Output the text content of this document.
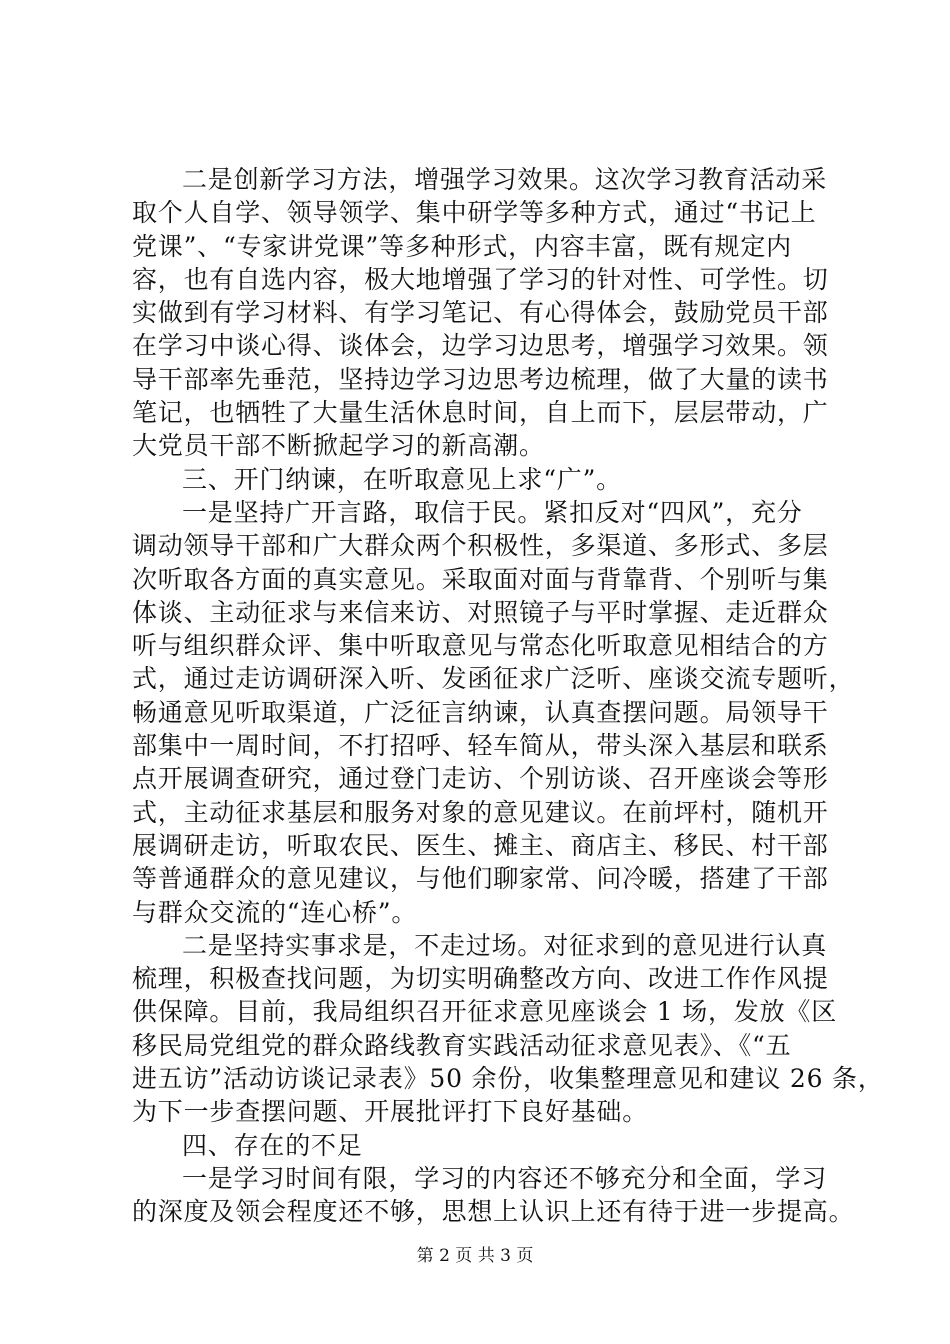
二是创新学习方法，增强学习效果。这次学习教育活动采
取个人自学、领导领学、集中研学等多种方式，通过“书记上
党课”、“专家讲党课”等多种形式，内容丰富，既有规定内
容，也有自选内容，极大地增强了学习的针对性、可学性。切
实做到有学习材料、有学习笔记、有心得体会，鼓励党员干部
在学习中谈心得、谈体会，边学习边思考，增强学习效果。领
导干部率先垂范，坚持边学习边思考边梳理，做了大量的读书
笔记，也牺牲了大量生活休息时间，自上而下，层层带动，广
大党员干部不断掀起学习的新高潮。
三、开门纳谏，在听取意见上求“广”。
一是坚持广开言路，取信于民。紧扣反对“四风”，充分
调动领导干部和广大群众两个积极性，多渠道、多形式、多层
次听取各方面的真实意见。采取面对面与背靠背、个别听与集
体谈、主动征求与来信来访、对照镜子与平时掌握、走近群众
听与组织群众评、集中听取意见与常态化听取意见相结合的方
式，通过走访调研深入听、发函征求广泛听、座谈交流专题听，
畅通意见听取渠道，广泛征言纳谏，认真查摆问题。局领导干
部集中一周时间，不打招呼、轻车简从，带头深入基层和联系
点开展调查研究，通过登门走访、个别访谈、召开座谈会等形
式，主动征求基层和服务对象的意见建议。在前坪村，随机开
展调研走访，听取农民、医生、摊主、商店主、移民、村干部
等普通群众的意见建议，与他们聊家常、问冷暖，搭建了干部
与群众交流的“连心桥”。
二是坚持实事求是，不走过场。对征求到的意见进行认真
梳理，积极查找问题，为切实明确整改方向、改进工作作风提
供保障。目前，我局组织召开征求意见座谈会 1 场，发放《区
移民局党组党的群众路线教育实践活动征求意见表》、《“五
进五访”活动访谈记录表》50 余份，收集整理意见和建议 26 条，
为下一步查摆问题、开展批评打下良好基础。
四、存在的不足
一是学习时间有限，学习的内容还不够充分和全面，学习
的深度及领会程度还不够，思想上认识上还有待于进一步提高。
第 2 页 共 3 页
